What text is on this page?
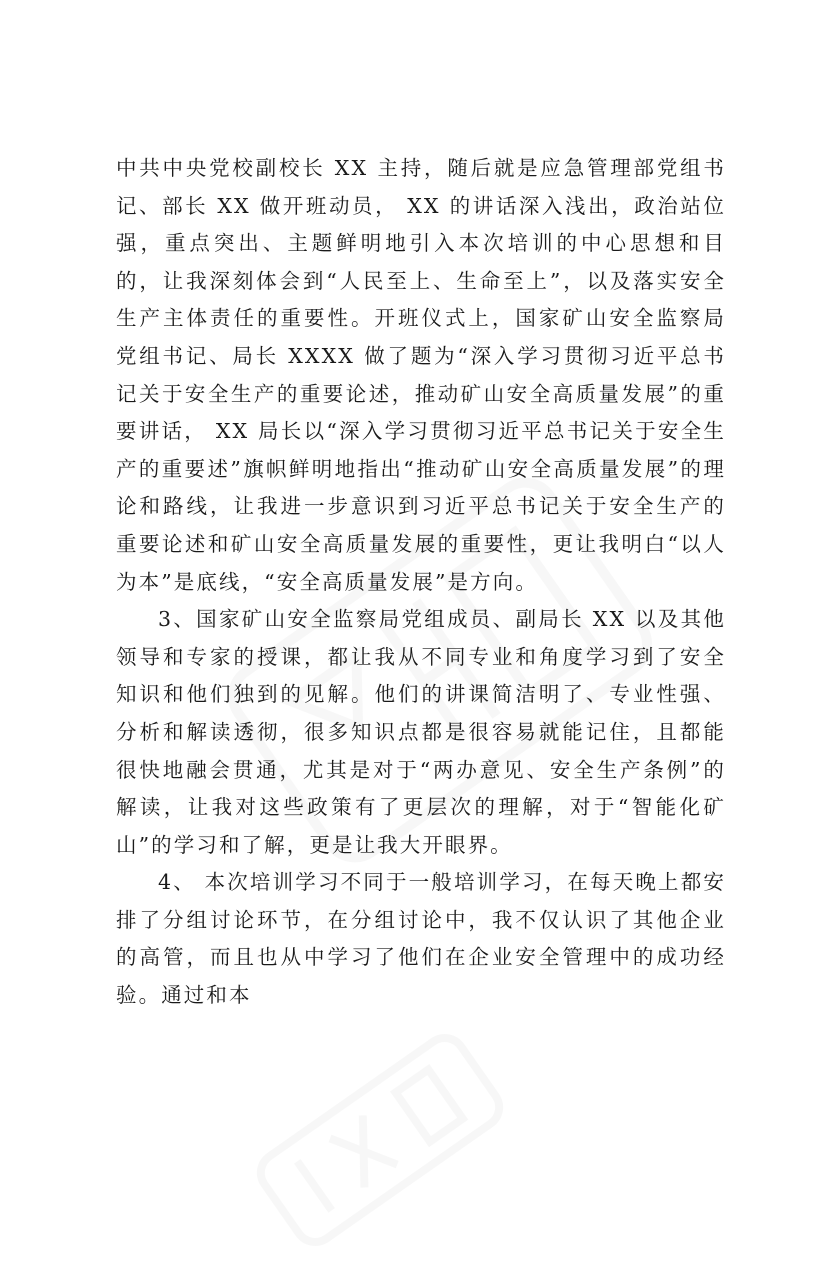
中共中央党校副校长 XX 主持，随后就是应急管理部党组书记、部长 XX 做开班动员， XX 的讲话深入浅出，政治站位强，重点突出、主题鲜明地引入本次培训的中心思想和目的，让我深刻体会到“人民至上、生命至上”，以及落实安全生产主体责任的重要性。开班仪式上，国家矿山安全监察局党组书记、局长 XXXX 做了题为“深入学习贯彻习近平总书记关于安全生产的重要论述，推动矿山安全高质量发展”的重要讲话， XX 局长以“深入学习贯彻习近平总书记关于安全生产的重要述”旗帜鲜明地指出“推动矿山安全高质量发展”的理论和路线，让我进一步意识到习近平总书记关于安全生产的重要论述和矿山安全高质量发展的重要性，更让我明白“以人为本”是底线，“安全高质量发展”是方向。

3、国家矿山安全监察局党组成员、副局长 XX 以及其他领导和专家的授课，都让我从不同专业和角度学习到了安全知识和他们独到的见解。他们的讲课简洁明了、专业性强、分析和解读透彻，很多知识点都是很容易就能记住，且都能很快地融会贯通，尤其是对于“两办意见、安全生产条例”的解读，让我对这些政策有了更层次的理解，对于“智能化矿山”的学习和了解，更是让我大开眼界。

4、 本次培训学习不同于一般培训学习，在每天晚上都安排了分组讨论环节，在分组讨论中，我不仅认识了其他企业的高管，而且也从中学习了他们在企业安全管理中的成功经验。通过和本
